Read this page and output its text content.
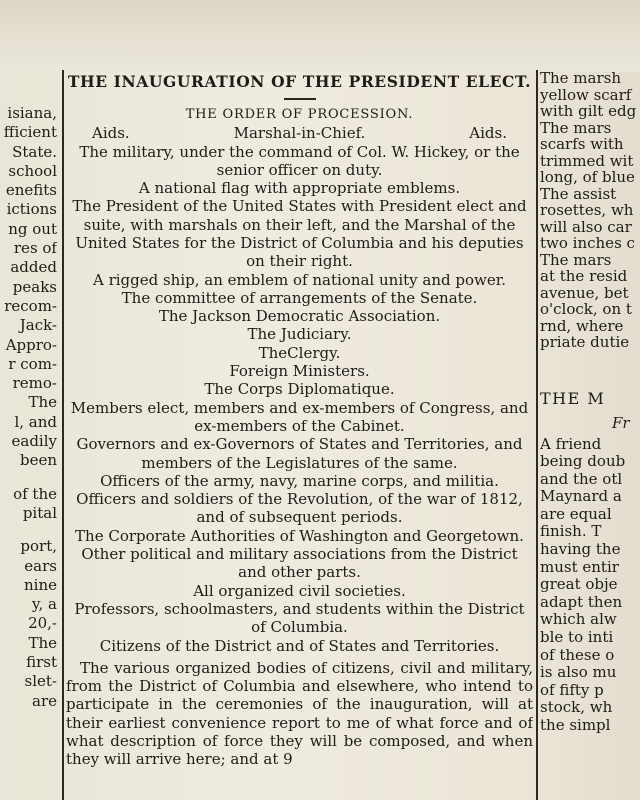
isiana,
fficient
State.
school
enefits
ictions
ng out
res of
added
peaks
recom-
Jack-
Appro-
r com-
remo-
The
l, and
eadily
been
of the
pital
port,
ears
nine
y, a
20,-
The
first
slet-
are
THE INAUGURATION OF THE PRESIDENT ELECT.
THE ORDER OF PROCESSION.
Aids.	Marshal-in-Chief.	Aids.
The military, under the command of Col. W. Hickey, or the senior officer on duty.
A national flag with appropriate emblems.
The President of the United States with President elect and suite, with marshals on their left, and the Marshal of the United States for the District of Columbia and his deputies on their right.
A rigged ship, an emblem of national unity and power.
The committee of arrangements of the Senate.
The Jackson Democratic Association.
The Judiciary.
TheClergy.
Foreign Ministers.
The Corps Diplomatique.
Members elect, members and ex-members of Congress, and ex-members of the Cabinet.
Governors and ex-Governors of States and Territories, and members of the Legislatures of the same.
Officers of the army, navy, marine corps, and militia.
Officers and soldiers of the Revolution, of the war of 1812, and of subsequent periods.
The Corporate Authorities of Washington and Georgetown.
Other political and military associations from the District and other parts.
All organized civil societies.
Professors, schoolmasters, and students within the District of Columbia.
Citizens of the District and of States and Territories.
The various organized bodies of citizens, civil and military, from the District of Columbia and elsewhere, who intend to participate in the ceremonies of the inauguration, will at their earliest convenience report to me of what force and of what description of force they will be composed, and when they will arrive here; and at 9
The marsh
yellow scarf
with gilt edg
The mars
scarfs with
trimmed wit
long, of blue
The assist
rosettes, wh
will also car
two inches c
The mars
at the resid
avenue, bet
o'clock, on t
rnd, where
priate dutie
THE M
Fr
A friend
being doub
and the otl
Maynard a
are equal
finish. T
having the
must entir
great obje
adapt then
which alw
ble to inti
of these o
is also mu
of fifty p
stock, wh
the simpl
